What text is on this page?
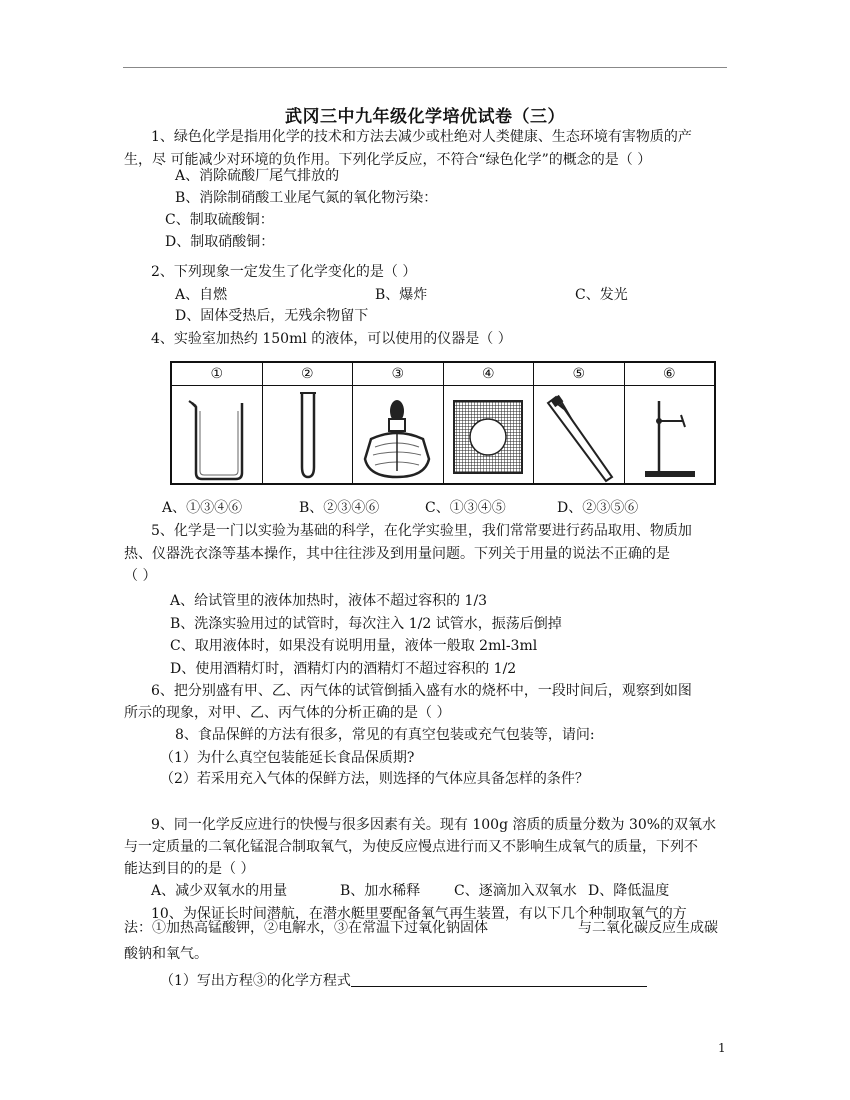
武冈三中九年级化学培优试卷（三）
1、绿色化学是指用化学的技术和方法去减少或杜绝对人类健康、生态环境有害物质的产
生，尽 可能减少对环境的负作用。下列化学反应，不符合“绿色化学”的概念的是（ ）
A、消除硫酸厂尾气排放的
B、消除制硝酸工业尾气氮的氧化物污染：
C、制取硫酸铜：
D、制取硝酸铜：
2、下列现象一定发生了化学变化的是（ ）
A、自燃	B、爆炸	C、发光
D、固体受热后，无残余物留下
4、实验室加热约 150ml 的液体，可以使用的仪器是（ ）
①	②	③	④	⑤	⑥
A、①③④⑥	B、②③④⑥	C、①③④⑤	D、②③⑤⑥
5、化学是一门以实验为基础的科学，在化学实验里，我们常常要进行药品取用、物质加
热、仪器洗衣涤等基本操作，其中往往涉及到用量问题。下列关于用量的说法不正确的是
（ ）
A、给试管里的液体加热时，液体不超过容积的 1/3
B、洗涤实验用过的试管时，每次注入 1/2 试管水，振荡后倒掉
C、取用液体时，如果没有说明用量，液体一般取 2ml-3ml
D、使用酒精灯时，酒精灯内的酒精灯不超过容积的 1/2
6、把分别盛有甲、乙、丙气体的试管倒插入盛有水的烧杯中，一段时间后，观察到如图
所示的现象，对甲、乙、丙气体的分析正确的是（ ）
8、食品保鲜的方法有很多，常见的有真空包装或充气包装等，请问:
（1）为什么真空包装能延长食品保质期?
（2）若采用充入气体的保鲜方法，则选择的气体应具备怎样的条件？
9、同一化学反应进行的快慢与很多因素有关。现有 100g 溶质的质量分数为 30%的双氧水
与一定质量的二氧化锰混合制取氧气，为使反应慢点进行而又不影响生成氧气的质量，下列不
能达到目的的是（ ）
A、减少双氧水的用量	B、加水稀释 C、逐滴加入双氧水 D、降低温度
10、为保证长时间潜航，在潜水艇里要配备氧气再生装置，有以下几个种制取氧气的方
法：①加热高锰酸钾，②电解水，③在常温下过氧化钠固体	与二氧化碳反应生成碳
酸钠和氧气。
（1）写出方程③的化学方程式
1
